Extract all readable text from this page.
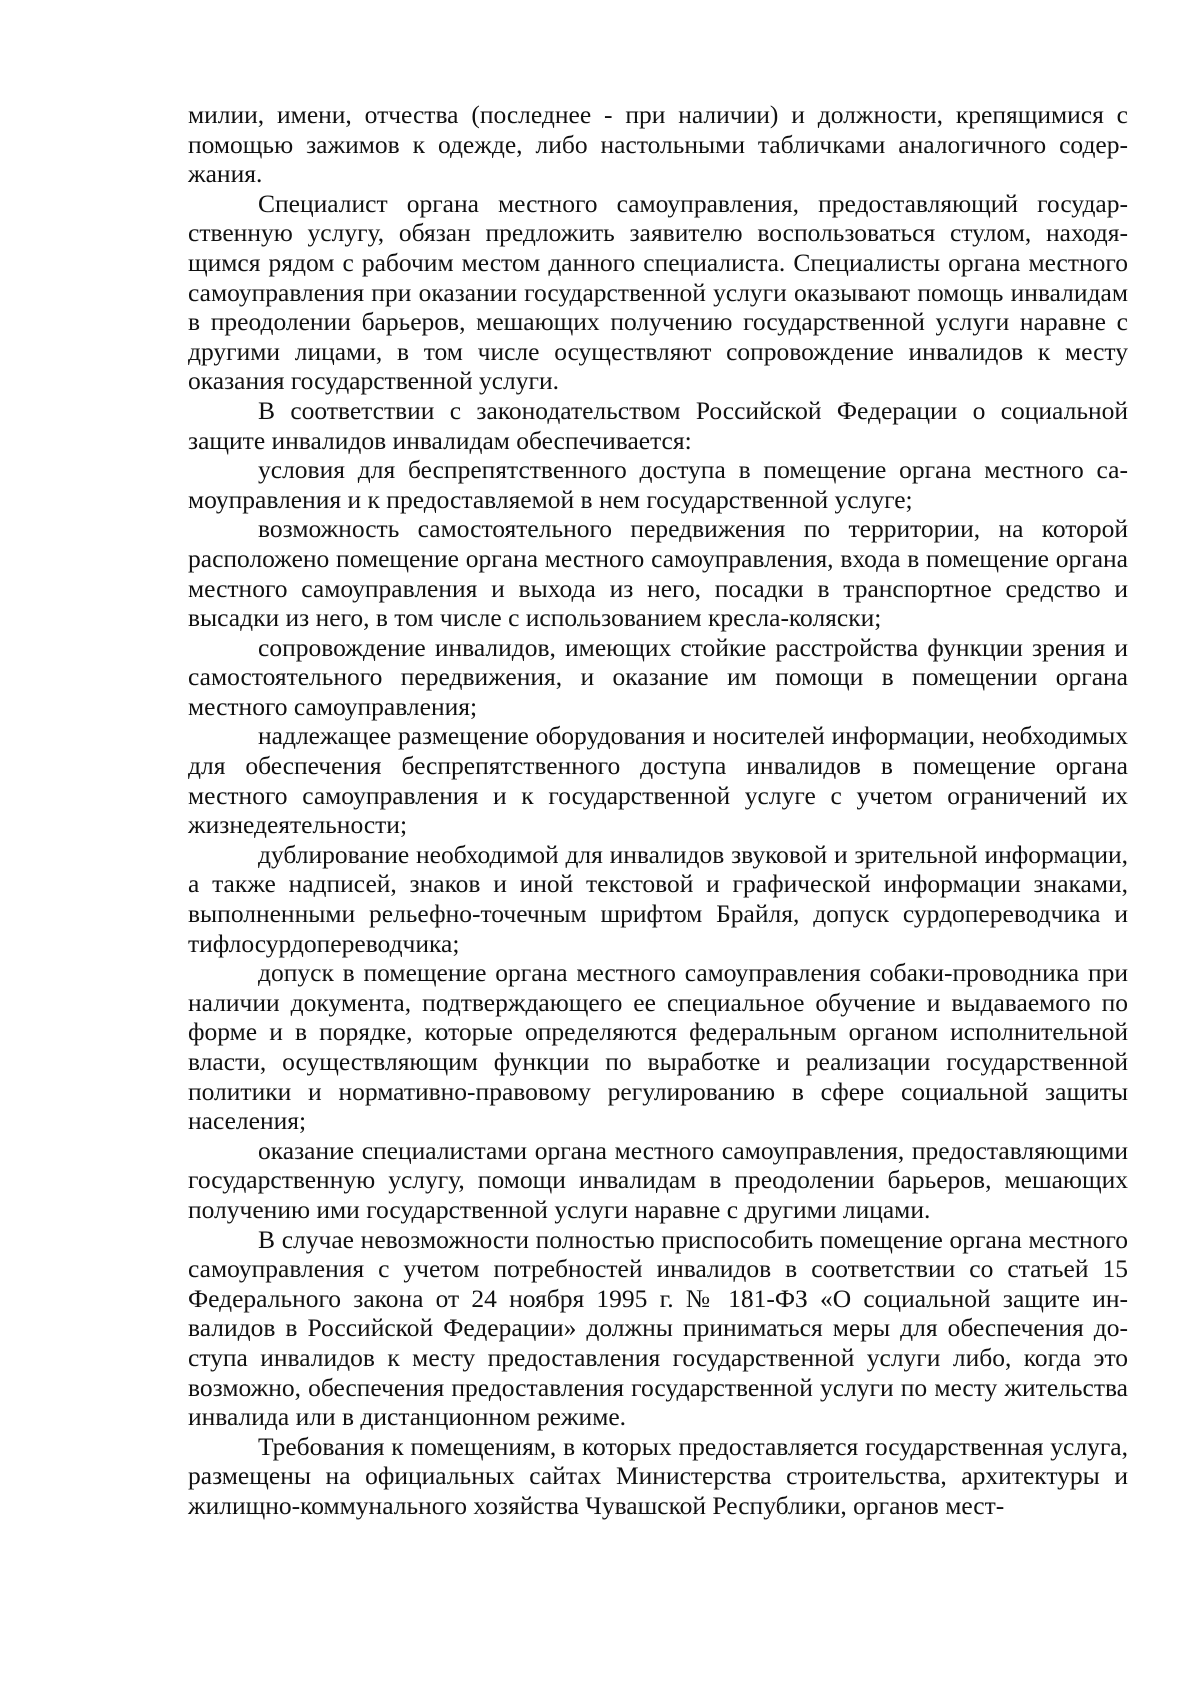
милии, имени, отчества (последнее - при наличии) и должности, крепящимися с помощью зажимов к одежде, либо настольными табличками аналогичного содержания.

Специалист органа местного самоуправления, предоставляющий государственную услугу, обязан предложить заявителю воспользоваться стулом, находящимся рядом с рабочим местом данного специалиста. Специалисты органа местного самоуправления при оказании государственной услуги оказывают помощь инвалидам в преодолении барьеров, мешающих получению государственной услуги наравне с другими лицами, в том числе осуществляют сопровождение инвалидов к месту оказания государственной услуги.

В соответствии с законодательством Российской Федерации о социальной защите инвалидов инвалидам обеспечивается:

условия для беспрепятственного доступа в помещение органа местного самоуправления и к предоставляемой в нем государственной услуге;

возможность самостоятельного передвижения по территории, на которой расположено помещение органа местного самоуправления, входа в помещение органа местного самоуправления и выхода из него, посадки в транспортное средство и высадки из него, в том числе с использованием кресла-коляски;

сопровождение инвалидов, имеющих стойкие расстройства функции зрения и самостоятельного передвижения, и оказание им помощи в помещении органа местного самоуправления;

надлежащее размещение оборудования и носителей информации, необходимых для обеспечения беспрепятственного доступа инвалидов в помещение органа местного самоуправления и к государственной услуге с учетом ограничений их жизнедеятельности;

дублирование необходимой для инвалидов звуковой и зрительной информации, а также надписей, знаков и иной текстовой и графической информации знаками, выполненными рельефно-точечным шрифтом Брайля, допуск сурдопереводчика и тифлосурдопереводчика;

допуск в помещение органа местного самоуправления собаки-проводника при наличии документа, подтверждающего ее специальное обучение и выдаваемого по форме и в порядке, которые определяются федеральным органом исполнительной власти, осуществляющим функции по выработке и реализации государственной политики и нормативно-правовому регулированию в сфере социальной защиты населения;

оказание специалистами органа местного самоуправления, предоставляющими государственную услугу, помощи инвалидам в преодолении барьеров, мешающих получению ими государственной услуги наравне с другими лицами.

В случае невозможности полностью приспособить помещение органа местного самоуправления с учетом потребностей инвалидов в соответствии со статьей 15 Федерального закона от 24 ноября 1995 г. № 181-ФЗ «О социальной защите инвалидов в Российской Федерации» должны приниматься меры для обеспечения доступа инвалидов к месту предоставления государственной услуги либо, когда это возможно, обеспечения предоставления государственной услуги по месту жительства инвалида или в дистанционном режиме.

Требования к помещениям, в которых предоставляется государственная услуга, размещены на официальных сайтах Министерства строительства, архитектуры и жилищно-коммунального хозяйства Чувашской Республики, органов мест-
